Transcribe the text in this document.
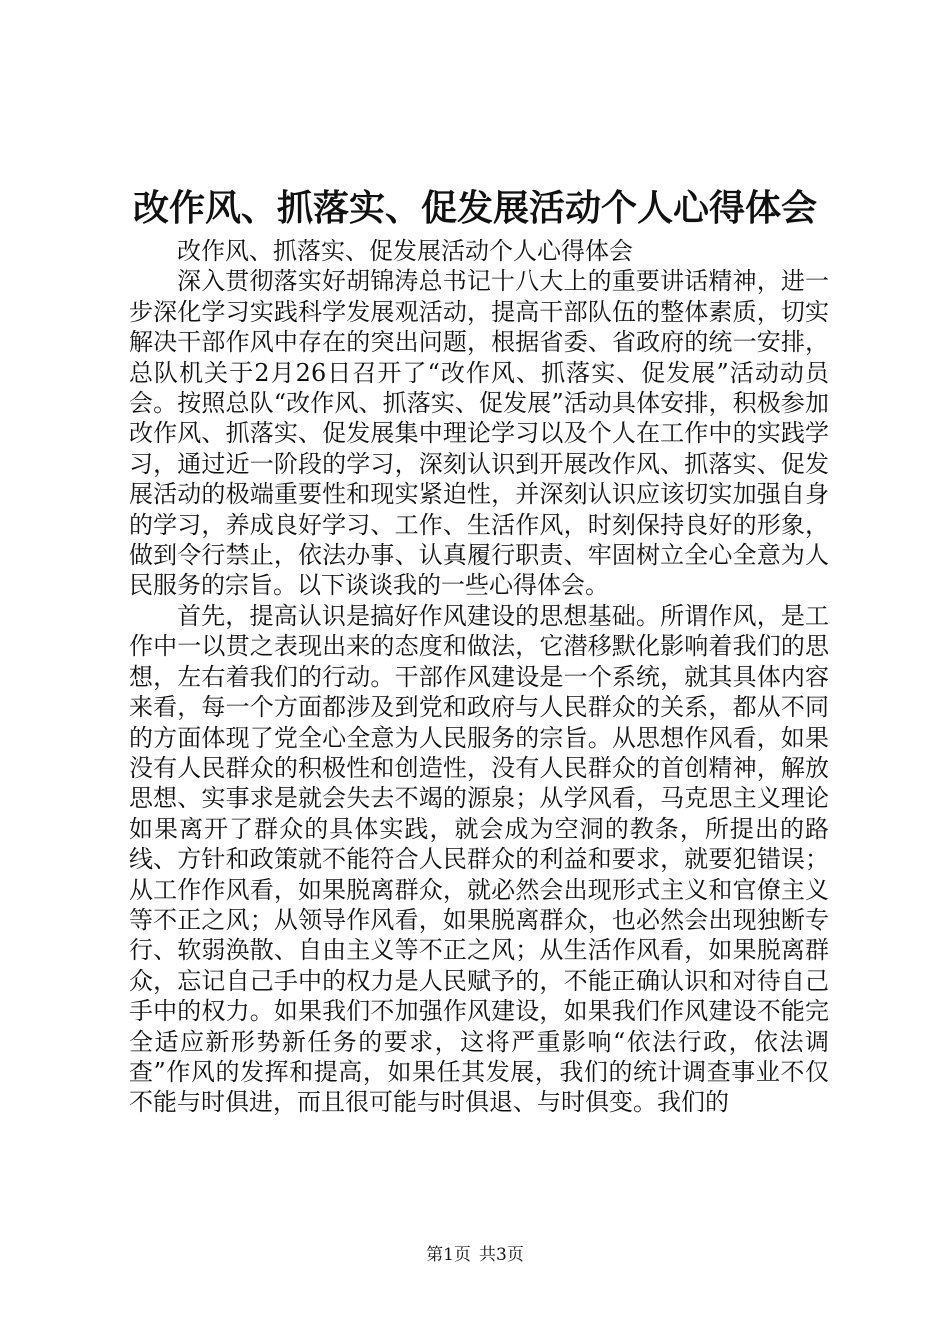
改作风、抓落实、促发展活动个人心得体会

改作风、抓落实、促发展活动个人心得体会

深入贯彻落实好胡锦涛总书记十八大上的重要讲话精神，进一步深化学习实践科学发展观活动，提高干部队伍的整体素质，切实解决干部作风中存在的突出问题，根据省委、省政府的统一安排，总队机关于2月26日召开了“改作风、抓落实、促发展”活动动员会。按照总队“改作风、抓落实、促发展”活动具体安排，积极参加改作风、抓落实、促发展集中理论学习以及个人在工作中的实践学习，通过近一阶段的学习，深刻认识到开展改作风、抓落实、促发展活动的极端重要性和现实紧迫性，并深刻认识应该切实加强自身的学习，养成良好学习、工作、生活作风，时刻保持良好的形象，做到令行禁止，依法办事、认真履行职责、牢固树立全心全意为人民服务的宗旨。以下谈谈我的一些心得体会。

首先，提高认识是搞好作风建设的思想基础。所谓作风，是工作中一以贯之表现出来的态度和做法，它潜移默化影响着我们的思想，左右着我们的行动。干部作风建设是一个系统，就其具体内容来看，每一个方面都涉及到党和政府与人民群众的关系，都从不同的方面体现了党全心全意为人民服务的宗旨。从思想作风看，如果没有人民群众的积极性和创造性，没有人民群众的首创精神，解放思想、实事求是就会失去不竭的源泉；从学风看，马克思主义理论如果离开了群众的具体实践，就会成为空洞的教条，所提出的路线、方针和政策就不能符合人民群众的利益和要求，就要犯错误；从工作作风看，如果脱离群众，就必然会出现形式主义和官僚主义等不正之风；从领导作风看，如果脱离群众，也必然会出现独断专行、软弱涣散、自由主义等不正之风；从生活作风看，如果脱离群众，忘记自己手中的权力是人民赋予的，不能正确认识和对待自己手中的权力。如果我们不加强作风建设，如果我们作风建设不能完全适应新形势新任务的要求，这将严重影响“依法行政，依法调查”作风的发挥和提高，如果任其发展，我们的统计调查事业不仅不能与时俱进，而且很可能与时俱退、与时俱变。我们的

第1页 共3页
